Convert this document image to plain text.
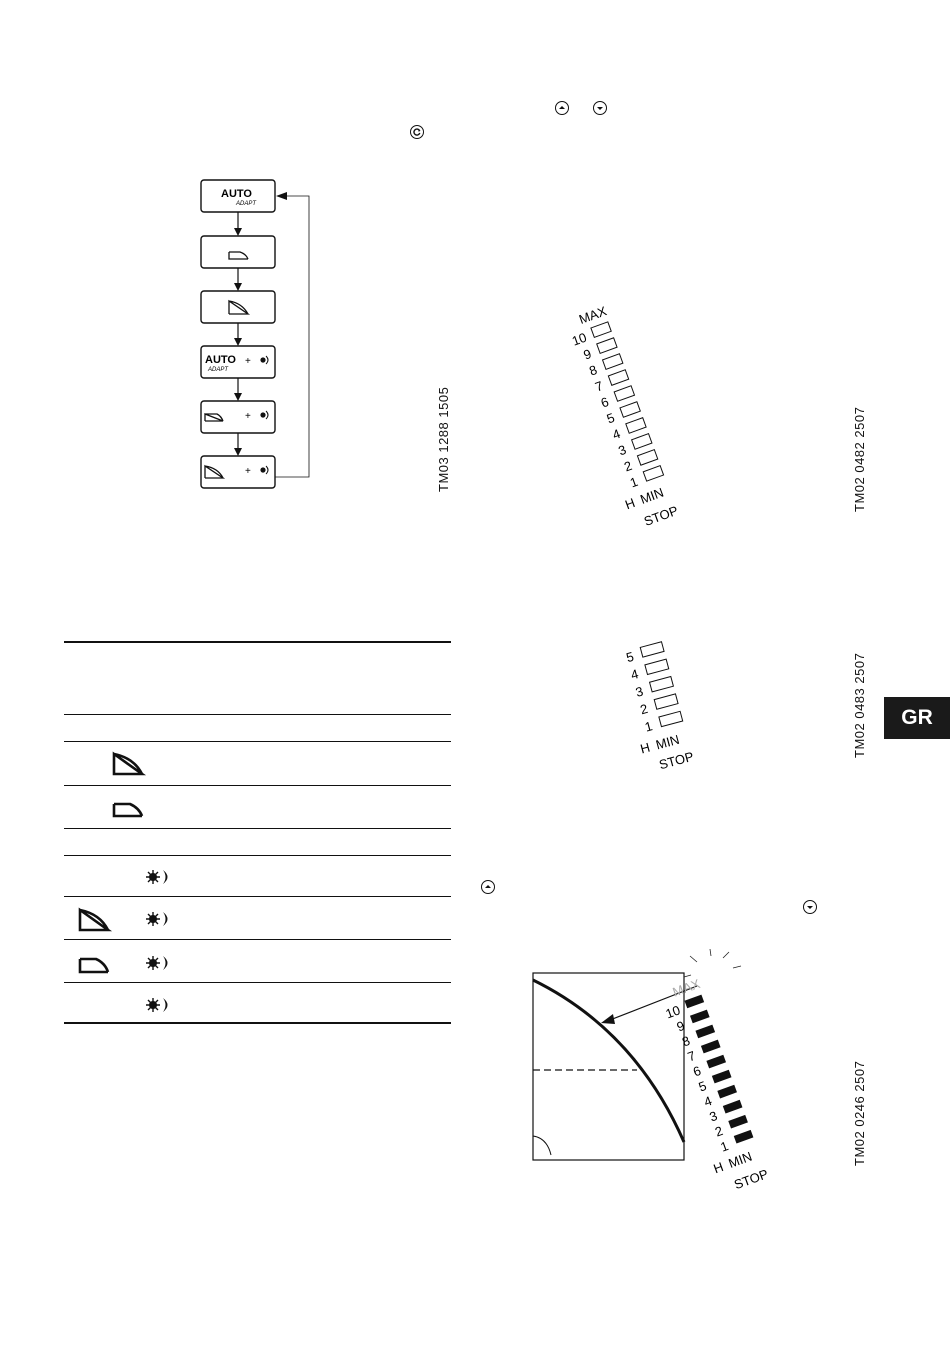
AUTO
ADAPT
AUTO
ADAPT
+
+
+	TM03 1288 1505
MAX
10
9
8
7
6
5
4
3
2
1
H MIN
STOP
TM02 0482 2507
5
4
3
2
1
H MIN
STOP
TM02 0483 2507	GR
MAX
10
9
8
7
6
5
4
3
2
1
H MIN
STOP
TM02 0246 2507
